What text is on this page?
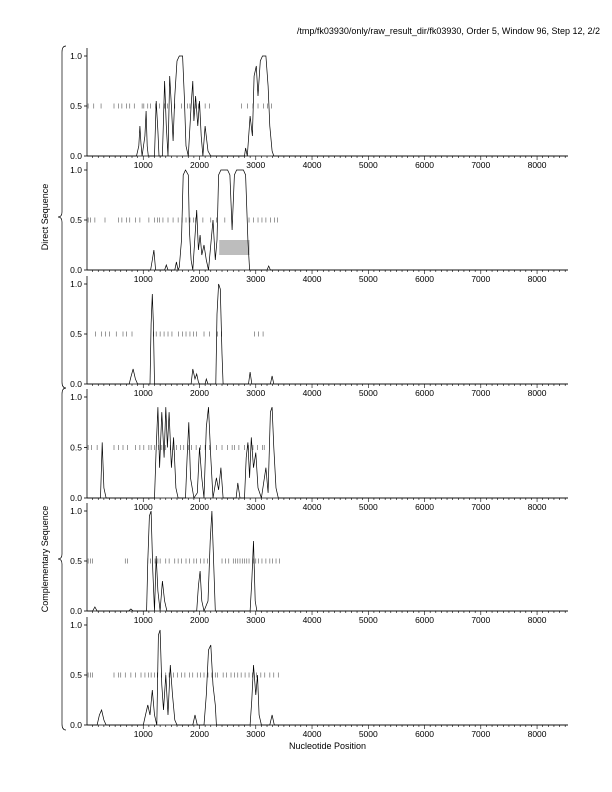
/tmp/fk03930/only/raw_result_dir/fk03930, Order 5, Window 96, Step 12, 2/2
0.0
0.5
1.0
1000	2000	3000	4000	5000	6000	7000	8000
0.0
0.5
1.0
1000	2000	3000	4000	5000	6000	7000	8000
0.0
0.5
1.0
1000	2000	3000	4000	5000	6000	7000	8000
0.0
0.5
1.0
1000	2000	3000	4000	5000	6000	7000	8000
0.0
0.5
1.0
1000	2000	3000	4000	5000	6000	7000	8000
0.0
0.5
1.0
1000	2000	3000	4000	5000	6000	7000	8000
Direct Sequence
Complementary Sequence
Nucleotide Position
